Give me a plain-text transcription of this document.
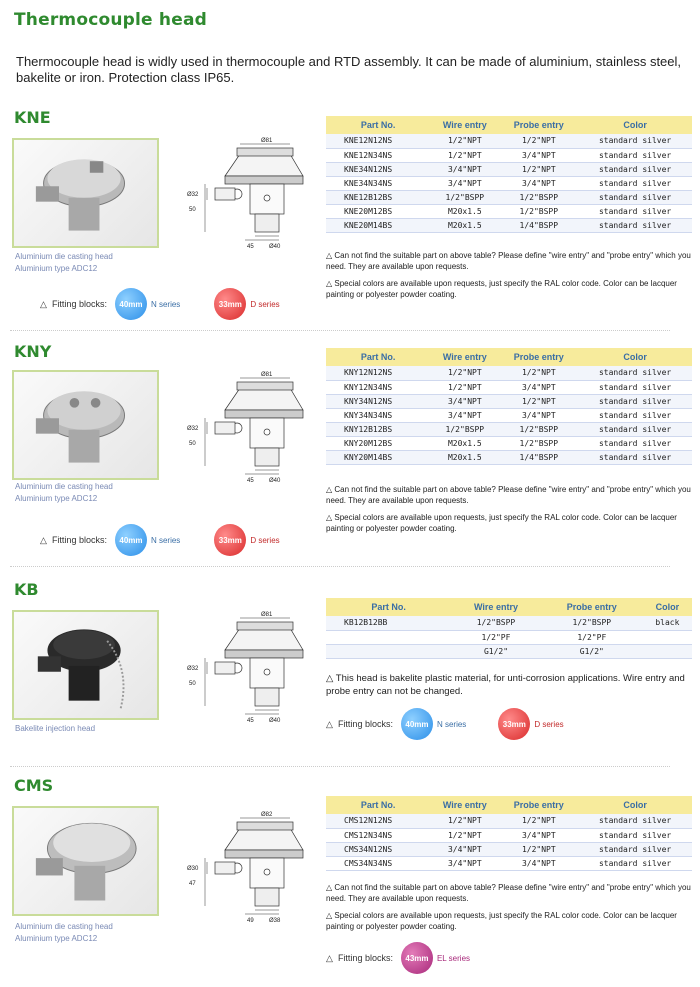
Thermocouple head
Thermocouple head is widly used in thermocouple and RTD assembly. It can be made of aluminium, stainless steel, bakelite or iron. Protection class IP65.
KNE
Aluminium die casting head
Aluminium type ADC12
Ø81
Ø32
50
45	Ø40
Part No.	Wire entry	Probe entry	Color
KNE12N12NS	1/2"NPT	1/2"NPT	standard silver
KNE12N34NS	1/2"NPT	3/4"NPT	standard silver
KNE34N12NS	3/4"NPT	1/2"NPT	standard silver
KNE34N34NS	3/4"NPT	3/4"NPT	standard silver
KNE12B12BS	1/2"BSPP	1/2"BSPP	standard silver
KNE20M12BS	M20x1.5	1/2"BSPP	standard silver
KNE20M14BS	M20x1.5	1/4"BSPP	standard silver
△ Can not find the suitable part on above table? Please define "wire entry" and "probe entry" which you need. They are available upon requests.
△ Special colors are available upon requests, just specify the RAL color code. Color can be lacquer painting or polyester powder coating.
△ Fitting blocks:	40mm	N series	33mm	D series
KNY
Aluminium die casting head
Aluminium type ADC12
Ø81
Ø32
50
45	Ø40
Part No.	Wire entry	Probe entry	Color
KNY12N12NS	1/2"NPT	1/2"NPT	standard silver
KNY12N34NS	1/2"NPT	3/4"NPT	standard silver
KNY34N12NS	3/4"NPT	1/2"NPT	standard silver
KNY34N34NS	3/4"NPT	3/4"NPT	standard silver
KNY12B12BS	1/2"BSPP	1/2"BSPP	standard silver
KNY20M12BS	M20x1.5	1/2"BSPP	standard silver
KNY20M14BS	M20x1.5	1/4"BSPP	standard silver
△ Can not find the suitable part on above table? Please define "wire entry" and "probe entry" which you need. They are available upon requests.
△ Special colors are available upon requests, just specify the RAL color code. Color can be lacquer painting or polyester powder coating.
△ Fitting blocks:	40mm	N series	33mm	D series
KB
Bakelite injection head
Ø81
Ø32
50
45	Ø40
Part No.	Wire entry	Probe entry	Color
KB12B12BB	1/2"BSPP	1/2"BSPP	black
	1/2"PF	1/2"PF	
	G1/2"	G1/2"	
△ This head is bakelite plastic material, for unti-corrosion applications. Wire entry and probe entry can not be changed.
△ Fitting blocks:	40mm	N series	33mm	D series
CMS
Aluminium die casting head
Aluminium type ADC12
Ø82
Ø30
47
49	Ø38
Part No.	Wire entry	Probe entry	Color
CMS12N12NS	1/2"NPT	1/2"NPT	standard silver
CMS12N34NS	1/2"NPT	3/4"NPT	standard silver
CMS34N12NS	3/4"NPT	1/2"NPT	standard silver
CMS34N34NS	3/4"NPT	3/4"NPT	standard silver
△ Can not find the suitable part on above table? Please define "wire entry" and "probe entry" which you need. They are available upon requests.
△ Special colors are available upon requests, just specify the RAL color code. Color can be lacquer painting or polyester powder coating.
△ Fitting blocks:	43mm	EL series
